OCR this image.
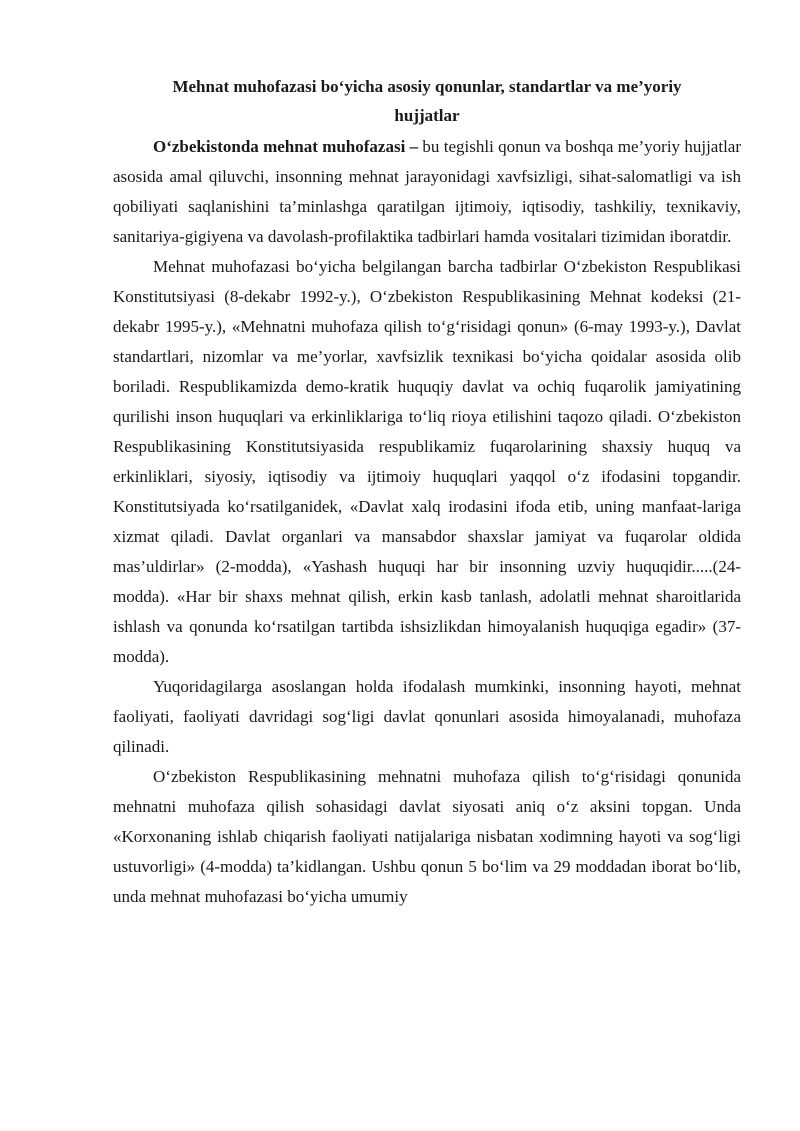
Mehnat muhofazasi bo‘yicha asosiy qonunlar, standartlar va me’yoriy
hujjatlar

O‘zbekistonda mehnat muhofazasi – bu tegishli qonun va boshqa me’yoriy hujjatlar asosida amal qiluvchi, insonning mehnat jarayonidagi xavfsizligi, sihat-salomatligi va ish qobiliyati saqlanishini ta’minlashga qaratilgan ijtimoiy, iqtisodiy, tashkiliy, texnikaviy, sanitariya-gigiyena va davolash-profilaktika tadbirlari hamda vositalari tizimidan iboratdir.

Mehnat muhofazasi bo‘yicha belgilangan barcha tadbirlar O‘zbekiston Respublikasi Konstitutsiyasi (8-dekabr 1992-y.), O‘zbekiston Respublikasining Mehnat kodeksi (21-dekabr 1995-y.), «Mehnatni muhofaza qilish to‘g‘risidagi qonun» (6-may 1993-y.), Davlat standartlari, nizomlar va me’yorlar, xavfsizlik texnikasi bo‘yicha qoidalar asosida olib boriladi. Respublikamizda demo-kratik huquqiy davlat va ochiq fuqarolik jamiyatining qurilishi inson huquqlari va erkinliklariga to‘liq rioya etilishini taqozo qiladi. O‘zbekiston Respublikasining Konstitutsiyasida respublikamiz fuqarolarining shaxsiy huquq va erkinliklari, siyosiy, iqtisodiy va ijtimoiy huquqlari yaqqol o‘z ifodasini topgandir. Konstitutsiyada ko‘rsatilganidek, «Davlat xalq irodasini ifoda etib, uning manfaat-lariga xizmat qiladi. Davlat organlari va mansabdor shaxslar jamiyat va fuqarolar oldida mas’uldirlar» (2-modda), «Yashash huquqi har bir insonning uzviy huquqidir.....(24-modda). «Har bir shaxs mehnat qilish, erkin kasb tanlash, adolatli mehnat sharoitlarida ishlash va qonunda ko‘rsatilgan tartibda ishsizlikdan himoyalanish huquqiga egadir» (37-modda).

Yuqoridagilarga asoslangan holda ifodalash mumkinki, insonning hayoti, mehnat faoliyati, faoliyati davridagi sog‘ligi davlat qonunlari asosida himoyalanadi, muhofaza qilinadi.

O‘zbekiston Respublikasining mehnatni muhofaza qilish to‘g‘risidagi qonunida mehnatni muhofaza qilish sohasidagi davlat siyosati aniq o‘z aksini topgan. Unda «Korxonaning ishlab chiqarish faoliyati natijalariga nisbatan xodimning hayoti va sog‘ligi ustuvorligi» (4-modda) ta’kidlangan. Ushbu qonun 5 bo‘lim va 29 moddadan iborat bo‘lib, unda mehnat muhofazasi bo‘yicha umumiy
